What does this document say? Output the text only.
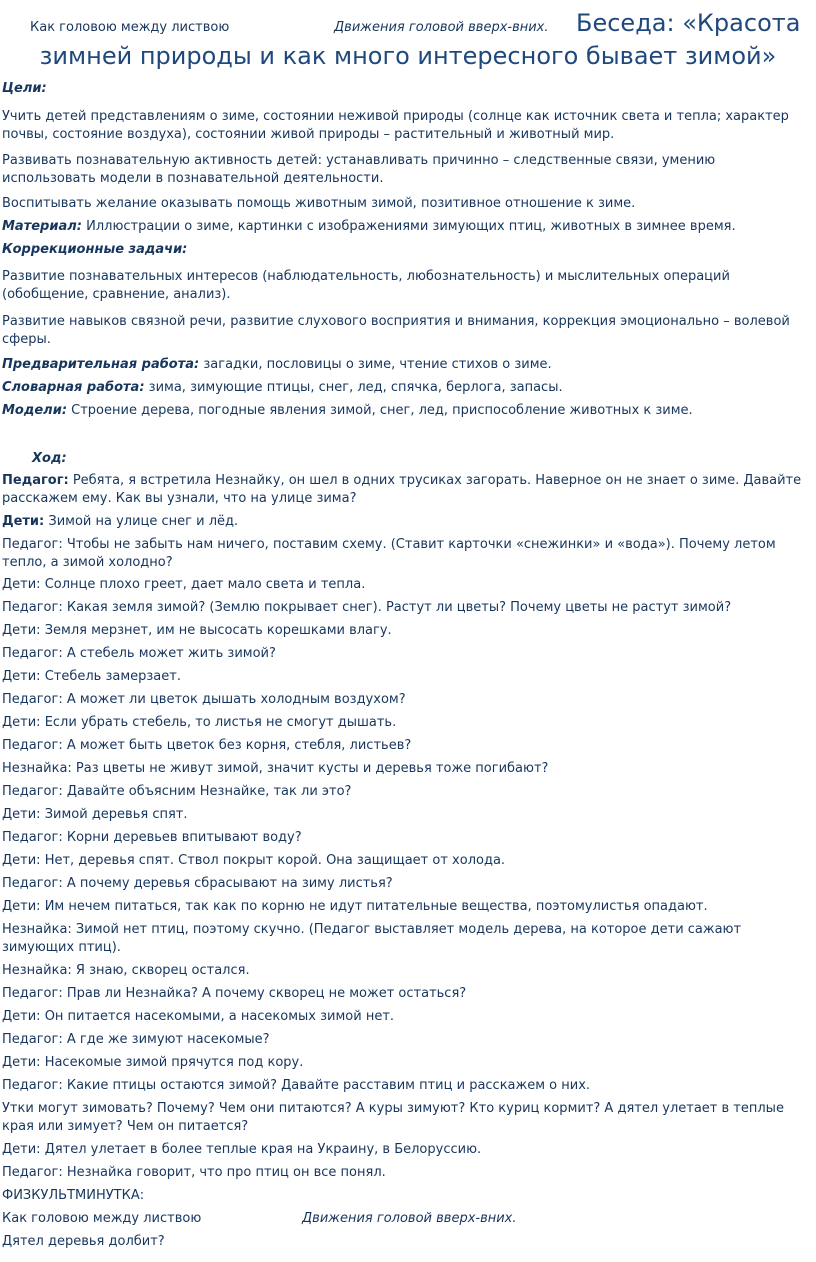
Как головою между листвою	Движения головой вверх-вних. Беседа: «Красота
зимней природы и как много интересного бывает зимой»
Цели:
Учить детей представлениям о зиме, состоянии неживой природы (солнце как источник света и тепла; характер почвы, состояние воздуха), состоянии живой природы – растительный и животный мир.
Развивать познавательную активность детей: устанавливать причинно – следственные связи, умению использовать модели в познавательной деятельности.
Воспитывать желание оказывать помощь животным зимой, позитивное отношение к зиме.
Материал: Иллюстрации о зиме, картинки с изображениями зимующих птиц, животных в зимнее время.
Коррекционные задачи:
Развитие познавательных интересов (наблюдательность, любознательность) и мыслительных операций (обобщение, сравнение, анализ).
Развитие навыков связной речи, развитие слухового восприятия и внимания, коррекция эмоционально – волевой сферы.
Предварительная работа: загадки, пословицы о зиме, чтение стихов о зиме.
Словарная работа: зима, зимующие птицы, снег, лед, спячка, берлога, запасы.
Модели: Строение дерева, погодные явления зимой, снег, лед, приспособление животных к зиме.
Ход:
Педагог: Ребята, я встретила Незнайку, он шел в одних трусиках загорать. Наверное он не знает о зиме. Давайте расскажем ему. Как вы узнали, что на улице зима?
Дети: Зимой на улице снег и лёд.
Педагог: Чтобы не забыть нам ничего, поставим схему. (Ставит карточки «снежинки» и «вода»). Почему летом тепло, а зимой холодно?
Дети: Солнце плохо греет, дает мало света и тепла.
Педагог: Какая земля зимой? (Землю покрывает снег). Растут ли цветы? Почему цветы не растут зимой?
Дети: Земля мерзнет, им не высосать корешками влагу.
Педагог: А стебель может жить зимой?
Дети: Стебель замерзает.
Педагог: А может ли цветок дышать холодным воздухом?
Дети: Если убрать стебель, то листья не смогут дышать.
Педагог: А может быть цветок без корня, стебля, листьев?
Незнайка: Раз цветы не живут зимой, значит кусты и деревья тоже погибают?
Педагог: Давайте объясним Незнайке, так ли это?
Дети: Зимой деревья спят.
Педагог: Корни деревьев впитывают воду?
Дети: Нет, деревья спят. Ствол покрыт корой. Она защищает от холода.
Педагог: А почему деревья сбрасывают на зиму листья?
Дети: Им нечем питаться, так как по корню не идут питательные вещества, поэтомулистья опадают.
Незнайка: Зимой нет птиц, поэтому скучно. (Педагог выставляет модель дерева, на которое дети сажают зимующих птиц).
Незнайка: Я знаю, скворец остался.
Педагог: Прав ли Незнайка? А почему скворец не может остаться?
Дети: Он питается насекомыми, а насекомых зимой нет.
Педагог: А где же зимуют насекомые?
Дети: Насекомые зимой прячутся под кору.
Педагог: Какие птицы остаются зимой? Давайте расставим птиц и расскажем о них.
Утки могут зимовать? Почему? Чем они питаются? А куры зимуют? Кто куриц кормит? А дятел улетает в теплые края или зимует? Чем он питается?
Дети: Дятел улетает в более теплые края на Украину, в Белоруссию.
Педагог: Незнайка говорит, что про птиц он все понял.
ФИЗКУЛЬТМИНУТКА:
Как головою между листвою	Движения головой вверх-вних.
Дятел деревья долбит?
